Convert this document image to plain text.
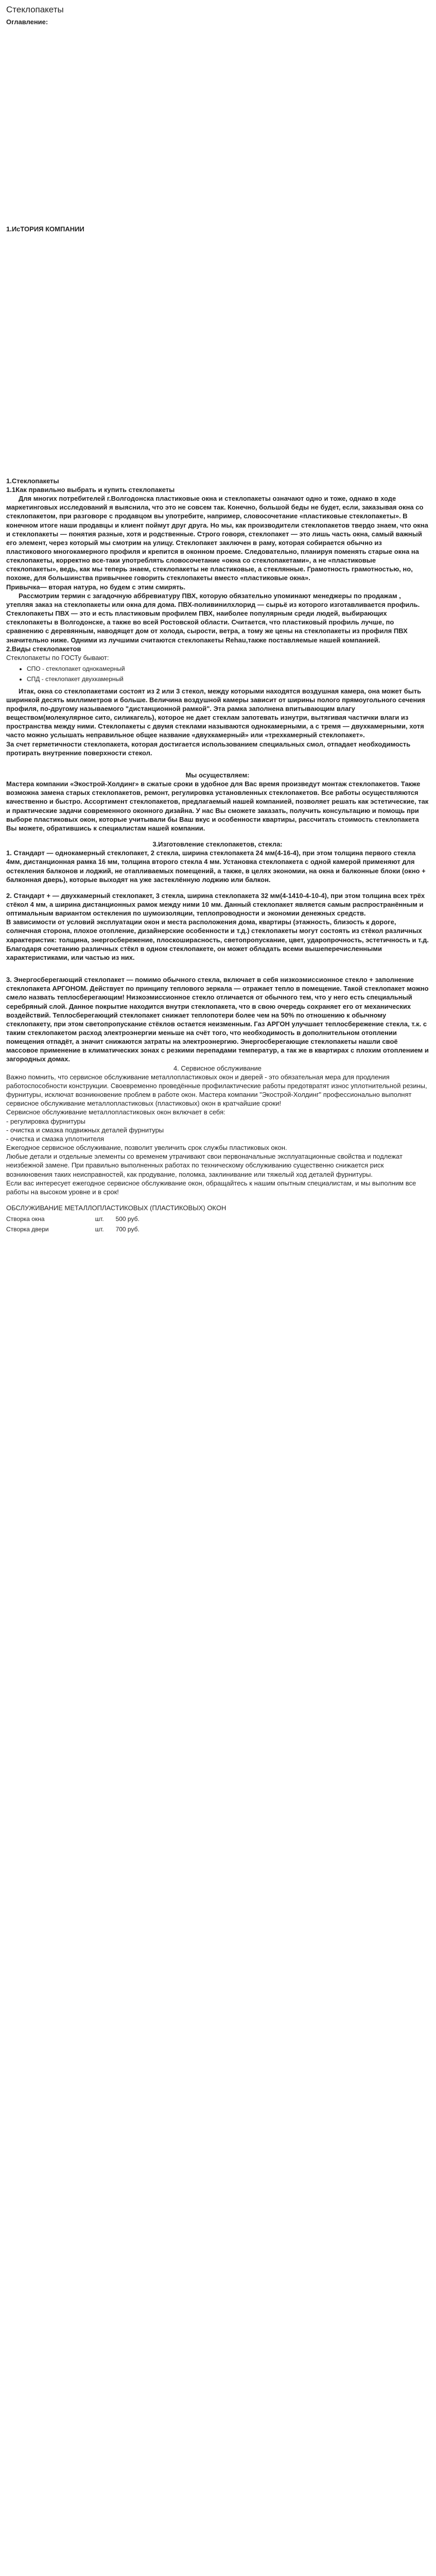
Стеклопакеты

Оглавление:

1.ИсТОРИЯ КОМПАНИИ

1.Стеклопакеты

1.1Как правильно выбрать и купить стеклопакеты

Для многих потребителей г.Волгодонска пластиковые окна и стеклопакеты означают одно и тоже, однако в ходе маркетинговых исследований я выяснила, что это не совсем так. Конечно, большой беды не будет, если, заказывая окна со стеклопакетом, при разговоре с продавцом вы употребите, например, словосочетание «пластиковые стеклопакеты». В конечном итоге наши продавцы и клиент поймут друг друга. Но мы, как производители стеклопакетов твердо знаем, что окна и стеклопакеты — понятия разные, хотя и родственные. Строго говоря, стеклопакет — это лишь часть окна, самый важный его элемент, через который мы смотрим на улицу. Стеклопакет заключен в раму, которая собирается обычно из пластикового многокамерного профиля и крепится в оконном проеме. Следовательно, планируя поменять старые окна на стеклопакеты, корректно все-таки употреблять словосочетание «окна со стеклопакетами», а не «пластиковые стеклопакеты», ведь, как мы теперь знаем, стеклопакеты не пластиковые, а стеклянные. Грамотность грамотностью, но, похоже, для большинства привычнее говорить стеклопакеты вместо «пластиковые окна».

Привычка— вторая натура, но будем с этим смирять.

Рассмотрим термин с загадочную аббревиатуру ПВХ, которую обязательно упоминают менеджеры по продажам , утепляя заказ на стеклопакеты или окна для дома. ПВХ-поливинилхлорид — сырьё из которого изготавливается профиль. Стеклопакеты ПВХ — это и есть пластиковым профилем ПВХ, наиболее популярным среди людей, выбирающих стеклопакеты в Волгодонске, а также во всей Ростовской области. Считается, что пластиковый профиль лучше, по сравнению с деревянным, наводящет дом от холода, сырости, ветра, а тому же цены на стеклопакеты из профиля ПВХ значительно ниже. Одними из лучшими считаются стеклопакеты Rehau,также поставляемые нашей компанией.

2.Виды стеклопакетов

Стеклопакеты по ГОСТу бывают:

• СПО - стеклопакет однокамерный
• СПД - стеклопакет двухкамерный

Итак, окна со стеклопакетами состоят из 2 или 3 стекол, между которыми находятся воздушная камера, она может быть ширинкой десять миллиметров и больше. Величина воздушной камеры зависит от ширины полого прямоугольного сечения профиля, по-другому называемого "дистанционной рамкой". Эта рамка заполнена впитывающим влагу веществом(молекулярное сито, силикагель), которое не дает стеклам запотевать изнутри, вытягивая частички влаги из пространства между ними. Стеклопакеты с двумя стеклами называются однокамерными, а с тремя — двухкамерными, хотя часто можно услышать неправильное общее название «двухкамерный» или «трехкамерный стеклопакет».

За счет герметичности стеклопакета, которая достигается использованием специальных смол, отпадает необходимость протирать внутренние поверхности стекол.

Мы осуществляем:

Мастера компании «Экострой-Холдинг» в сжатые сроки в удобное для Вас время произведут монтаж стеклопакетов. Также возможна замена старых стеклопакетов, ремонт, регулировка установленных стеклопакетов. Все работы осуществляются качественно и быстро. Ассортимент стеклопакетов, предлагаемый нашей компанией, позволяет решать как эстетические, так и практические задачи современного оконного дизайна. У нас Вы сможете заказать, получить консультацию и помощь при выборе пластиковых окон, которые учитывали бы Ваш вкус и особенности квартиры, рассчитать стоимость стеклопакета Вы можете, обратившись к специалистам нашей компании.

3.Изготовление стеклопакетов, стекла:

1. Стандарт — однокамерный стеклопакет, 2 стекла, ширина стеклопакета 24 мм(4-16-4), при этом толщина первого стекла 4мм, дистанционная рамка 16 мм, толщина второго стекла 4 мм. Установка стеклопакета с одной камерой применяют для остекления балконов и лоджий, не отапливаемых помещений, а также, в целях экономии, на окна и балконные блоки (окно + балконная дверь), которые выходят на уже застеклённую лоджию или балкон.

2. Стандарт + — двухкамерный стеклопакет, 3 стекла, ширина стеклопакета 32 мм(4-1410-4-10-4), при этом толщина всех трёх стёкол 4 мм, а ширина дистанционных рамок между ними 10 мм. Данный стеклопакет является самым распространённым и оптимальным вариантом остекления по шумоизоляции, теплопроводности и экономии денежных средств.

В зависимости от условий эксплуатации окон и места расположения дома, квартиры (этажность, близость к дороге, солнечная сторона, плохое отопление, дизайнерские особенности и т.д.) стеклопакеты могут состоять из стёкол различных характеристик: толщина, энергосбережение, плоскоширасность, светопропускание, цвет, ударопрочность, эстетичность и т.д. Благодаря сочетанию различных стёкл в одном стеклопакете, он может обладать всеми вышеперечисленными характеристиками, или частью из них.

3. Энергосберегающий стеклопакет — помимо обычного стекла, включает в себя низкоэмиссионное стекло + заполнение стеклопакета АРГОНОМ. Действует по принципу теплового зеркала — отражает тепло в помещение. Такой стеклопакет можно смело назвать теплосберегающим! Низкоэмиссионное стекло отличается от обычного тем, что у него есть специальный серебряный слой. Данное покрытие находится внутри стеклопакета, что в свою очередь сохраняет его от механических воздействий. Теплосберегающий стеклопакет снижает теплопотери более чем на 50% по отношению к обычному стеклопакету, при этом светопропускание стёклов остается неизменным. Газ АРГОН улучшает теплосбережение стекла, т.к. с таким стеклопакетом расход электроэнергии меньше на счёт того, что необходимость в дополнительном отоплении помещения отпадёт, а значит снижаются затраты на электроэнергию. Энергосберегающие стеклопакеты нашли своё массовое применение в климатических зонах с резкими перепадами температур, а так же в квартирах с плохим отоплением и загородных домах.

4. Сервисное обслуживание

Важно помнить, что сервисное обслуживание металлопластиковых окон и дверей - это обязательная мера для продления работоспособности конструкции. Своевременно проведённые профилактические работы предотвратят износ уплотнительной резины, фурнитуры, исключат возникновение проблем в работе окон. Мастера компании "Экострой-Холдинг" профессионально выполнят сервисное обслуживание металлопластиковых (пластиковых) окон в кратчайшие сроки!

Сервисное обслуживание металлопластиковых окон включает в себя:

- регулировка фурнитуры

- очистка и смазка подвижных деталей фурнитуры

- очистка и смазка уплотнителя

Ежегодное сервисное обслуживание, позволит увеличить срок службы пластиковых окон.

Любые детали и отдельные элементы со временем утрачивают свои первоначальные эксплуатационные свойства и подлежат неизбежной замене. При правильно выполненных работах по техническому обслуживанию существенно снижается риск возникновения таких неисправностей, как продувание, поломка, заклинивание или тяжелый ход деталей фурнитуры.

Если вас интересует ежегодное сервисное обслуживание окон, обращайтесь к нашим опытным специалистам, и мы выполним все работы на высоком уровне и в срок!

ОБСЛУЖИВАНИЕ МЕТАЛЛОПЛАСТИКОВЫХ (ПЛАСТИКОВЫХ) ОКОН

Створка окна	шт.	500 руб.
Створка двери	шт.	700 руб.
